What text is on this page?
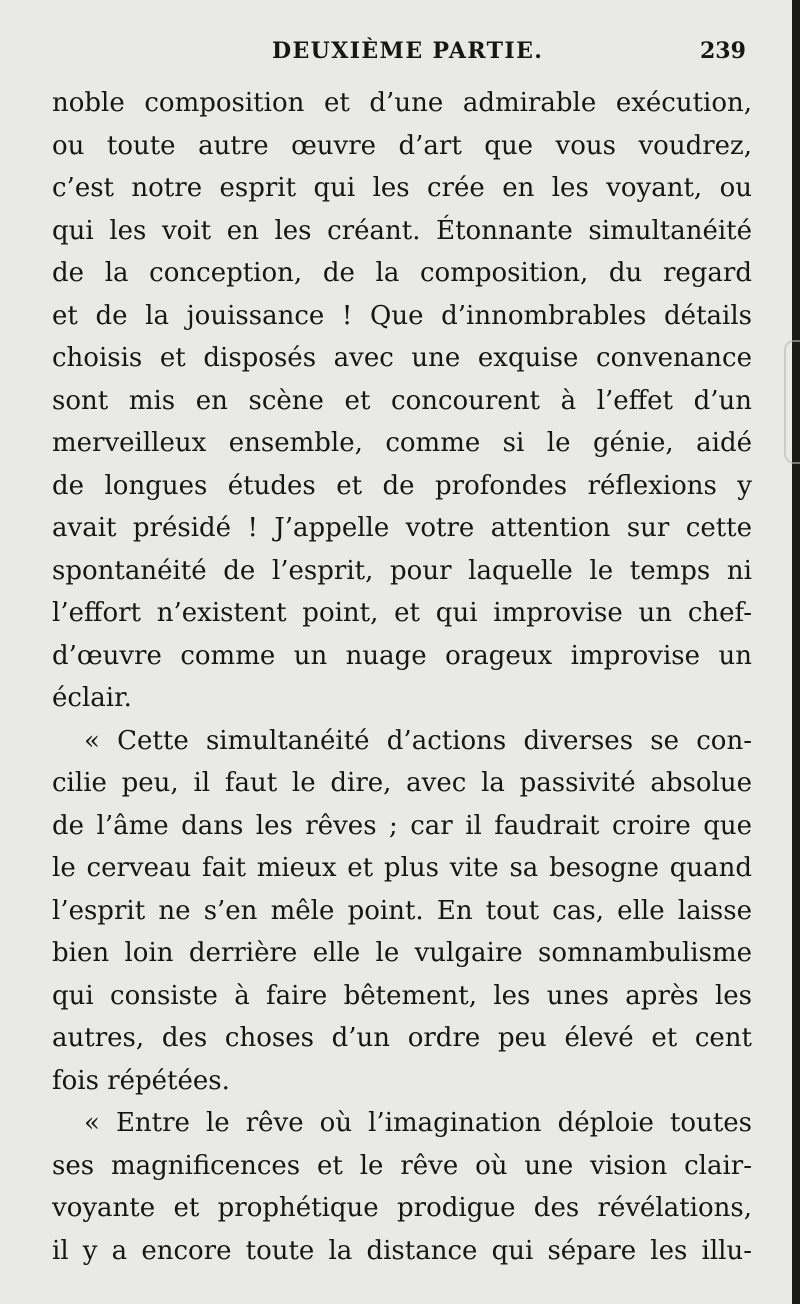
DEUXIÈME PARTIE.	239
noble composition et d’une admirable exécution,
ou toute autre œuvre d’art que vous voudrez,
c’est notre esprit qui les crée en les voyant, ou
qui les voit en les créant. Étonnante simultanéité
de la conception, de la composition, du regard
et de la jouissance ! Que d’innombrables détails
choisis et disposés avec une exquise convenance
sont mis en scène et concourent à l’effet d’un
merveilleux ensemble, comme si le génie, aidé
de longues études et de profondes réflexions y
avait présidé ! J’appelle votre attention sur cette
spontanéité de l’esprit, pour laquelle le temps ni
l’effort n’existent point, et qui improvise un chef-
d’œuvre comme un nuage orageux improvise un
éclair.
« Cette simultanéité d’actions diverses se con-
cilie peu, il faut le dire, avec la passivité absolue
de l’âme dans les rêves ; car il faudrait croire que
le cerveau fait mieux et plus vite sa besogne quand
l’esprit ne s’en mêle point. En tout cas, elle laisse
bien loin derrière elle le vulgaire somnambulisme
qui consiste à faire bêtement, les unes après les
autres, des choses d’un ordre peu élevé et cent
fois répétées.
« Entre le rêve où l’imagination déploie toutes
ses magnificences et le rêve où une vision clair-
voyante et prophétique prodigue des révélations,
il y a encore toute la distance qui sépare les illu-
